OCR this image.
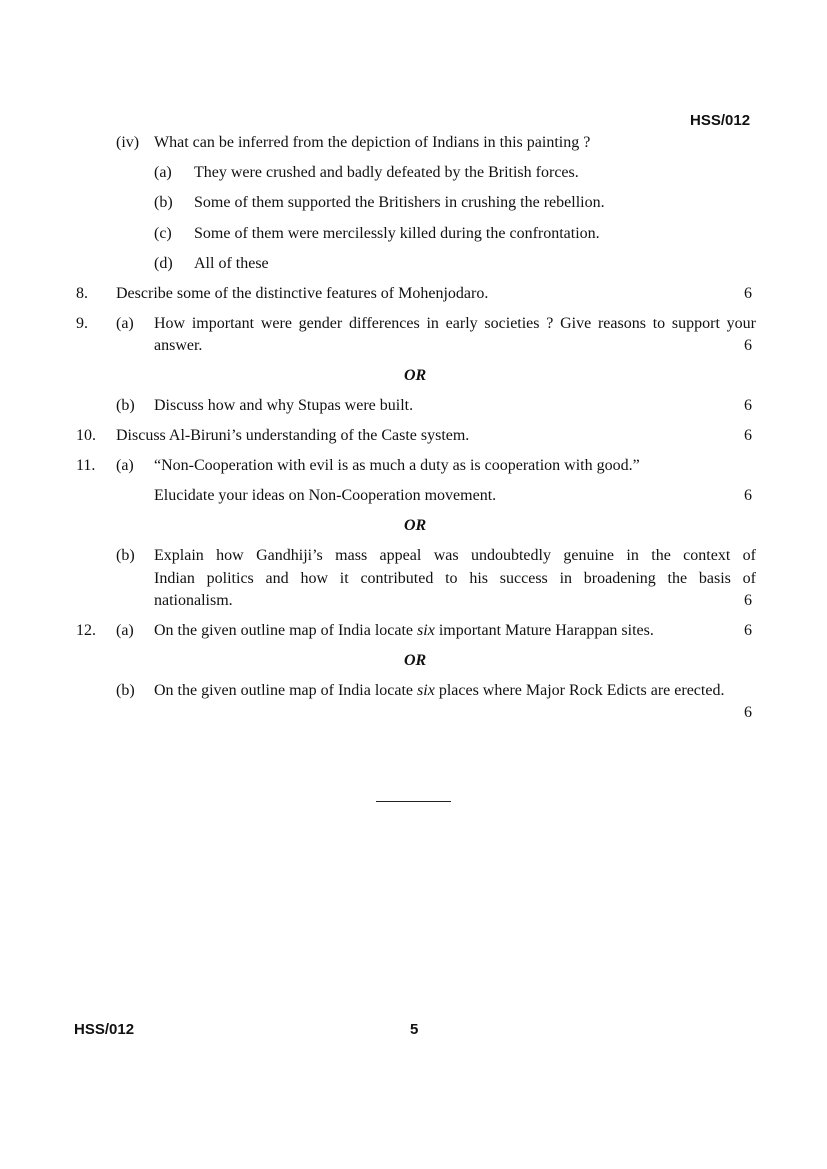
HSS/012
(iv) What can be inferred from the depiction of Indians in this painting ?
(a) They were crushed and badly defeated by the British forces.
(b) Some of them supported the Britishers in crushing the rebellion.
(c) Some of them were mercilessly killed during the confrontation.
(d) All of these
8. Describe some of the distinctive features of Mohenjodaro.	6
9. (a) How important were gender differences in early societies ? Give reasons to support your
answer.	6
OR
(b) Discuss how and why Stupas were built.	6
10. Discuss Al-Biruni’s understanding of the Caste system.	6
11. (a) “Non-Cooperation with evil is as much a duty as is cooperation with good.”
Elucidate your ideas on Non-Cooperation movement.	6
OR
(b) Explain how Gandhiji’s mass appeal was undoubtedly genuine in the context of
Indian politics and how it contributed to his success in broadening the basis of
nationalism.	6
12. (a) On the given outline map of India locate six important Mature Harappan sites.	6
OR
(b) On the given outline map of India locate six places where Major Rock Edicts are erected.
6
HSS/012	5
